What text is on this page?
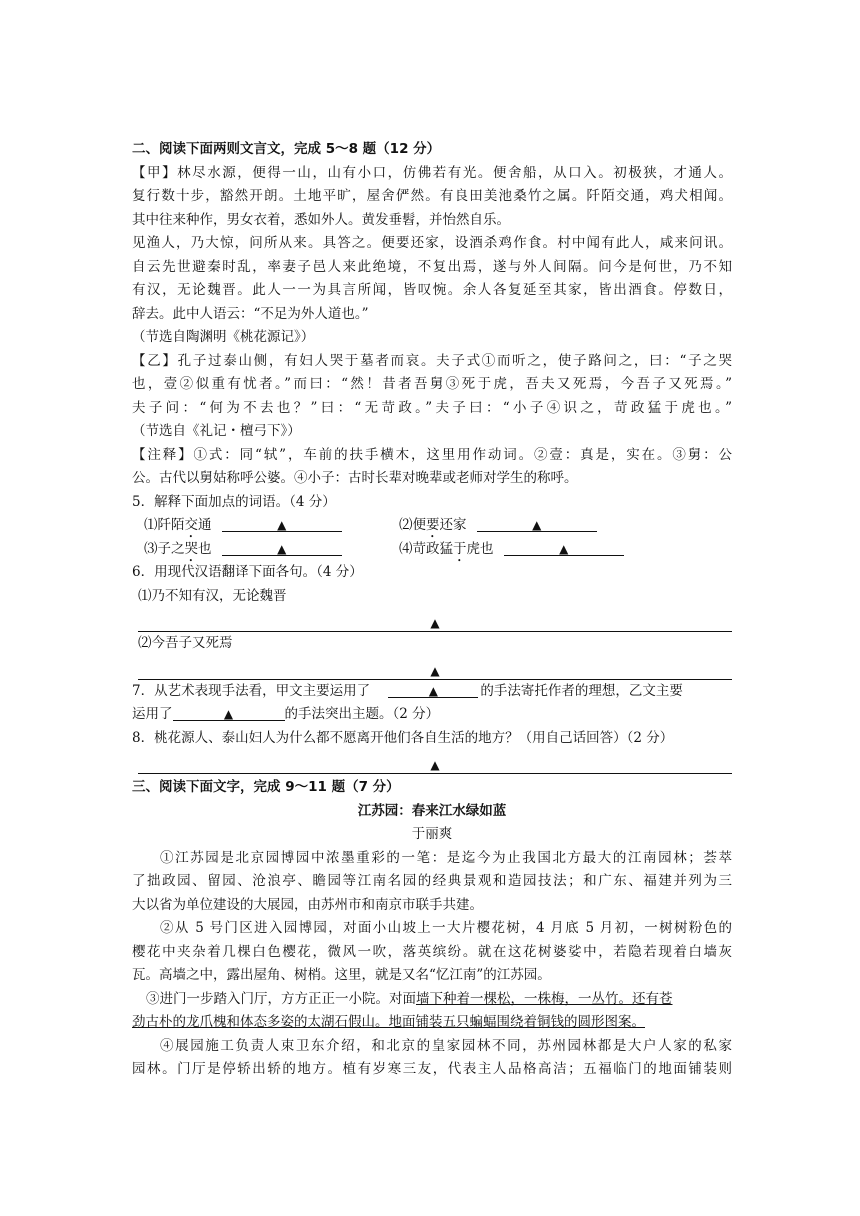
二、阅读下面两则文言文，完成 5～8 题（12 分）
【甲】林尽水源，便得一山，山有小口，仿佛若有光。便舍船，从口入。初极狭，才通人。
复行数十步，豁然开朗。土地平旷，屋舍俨然。有良田美池桑竹之属。阡陌交通，鸡犬相闻。
其中往来种作，男女衣着，悉如外人。黄发垂髫，并怡然自乐。
见渔人，乃大惊，问所从来。具答之。便要还家，设酒杀鸡作食。村中闻有此人，咸来问讯。
自云先世避秦时乱，率妻子邑人来此绝境，不复出焉，遂与外人间隔。问今是何世，乃不知
有汉，无论魏晋。此人一一为具言所闻，皆叹惋。余人各复延至其家，皆出酒食。停数日，
辞去。此中人语云：“不足为外人道也。”
（节选自陶渊明《桃花源记》）
【乙】孔子过泰山侧，有妇人哭于墓者而哀。夫子式①而听之，使子路问之，曰：“子之哭
也，壹②似重有忧者。”而曰：“然！昔者吾舅③死于虎，吾夫又死焉，今吾子又死焉。”
夫子问：“何为不去也？”曰：“无苛政。”夫子曰：“小子④识之，苛政猛于虎也。”
（节选自《礼记・檀弓下》）
【注释】①式：同“轼”，车前的扶手横木，这里用作动词。②壹：真是，实在。③舅：公
公。古代以舅姑称呼公婆。④小子：古时长辈对晚辈或老师对学生的称呼。
5．解释下面加点的词语。（4 分）
⑴阡陌交通	▲	⑵便要还家	▲
⑶子之哭也	▲	⑷苛政猛于虎也	▲
6．用现代汉语翻译下面各句。（4 分）
⑴乃不知有汉，无论魏晋
▲
⑵今吾子又死焉
▲
7．从艺术表现手法看，甲文主要运用了	▲	的手法寄托作者的理想，乙文主要
运用了	▲	的手法突出主题。（2 分）
8．桃花源人、泰山妇人为什么都不愿离开他们各自生活的地方？（用自己话回答）（2 分）
▲
三、阅读下面文字，完成 9～11 题（7 分）
江苏园：春来江水绿如蓝
于丽爽
①江苏园是北京园博园中浓墨重彩的一笔：是迄今为止我国北方最大的江南园林；荟萃
了拙政园、留园、沧浪亭、瞻园等江南名园的经典景观和造园技法；和广东、福建并列为三
大以省为单位建设的大展园，由苏州市和南京市联手共建。
②从 5 号门区进入园博园，对面小山坡上一大片樱花树，4 月底 5 月初，一树树粉色的
樱花中夹杂着几棵白色樱花，微风一吹，落英缤纷。就在这花树婆娑中，若隐若现着白墙灰
瓦。高墙之中，露出屋角、树梢。这里，就是又名“忆江南”的江苏园。
③进门一步踏入门厅，方方正正一小院。对面墙下种着一棵松，一株梅，一丛竹。还有苍
劲古朴的龙爪槐和体态多姿的太湖石假山。地面铺装五只蝙蝠围绕着铜钱的圆形图案。
④展园施工负责人束卫东介绍，和北京的皇家园林不同，苏州园林都是大户人家的私家
园林。门厅是停轿出轿的地方。植有岁寒三友，代表主人品格高洁；五福临门的地面铺装则
